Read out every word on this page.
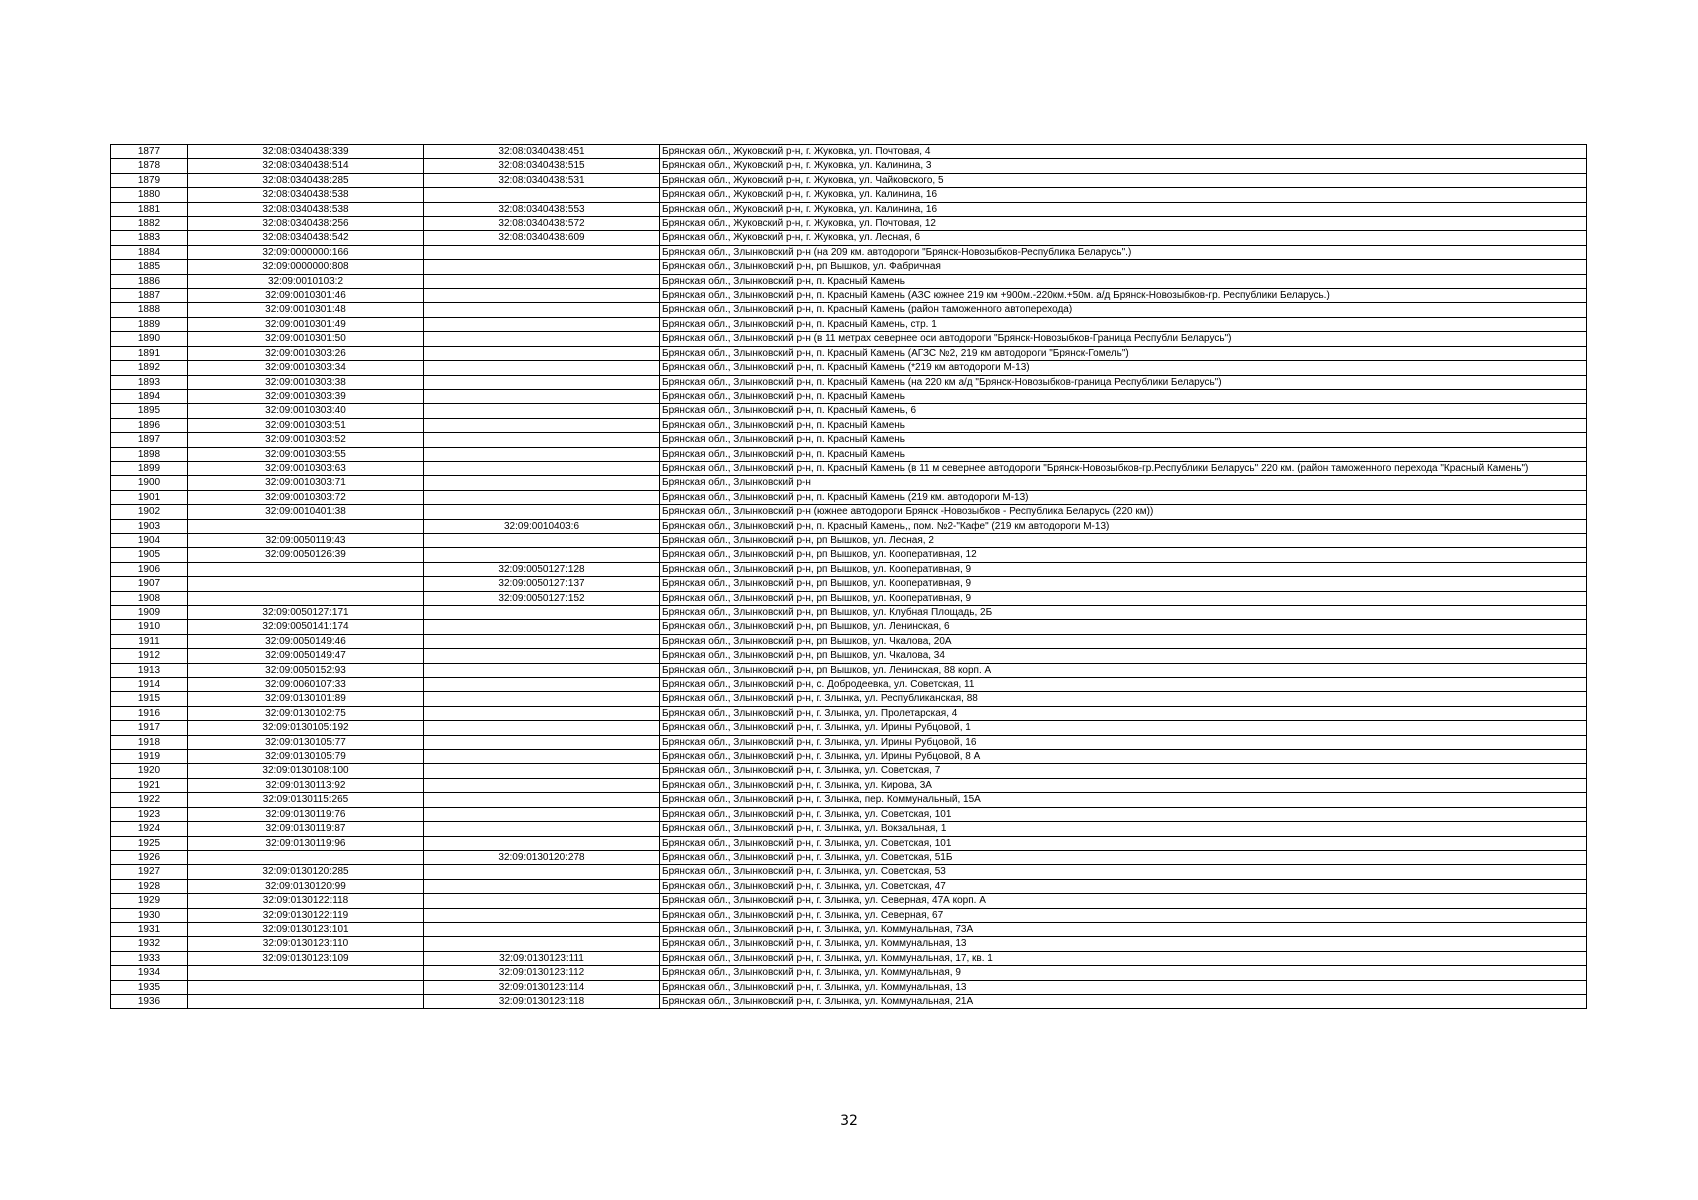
1877	32:08:0340438:339	32:08:0340438:451	Брянская обл., Жуковский р-н, г. Жуковка, ул. Почтовая, 4
1878	32:08:0340438:514	32:08:0340438:515	Брянская обл., Жуковский р-н, г. Жуковка, ул. Калинина, 3
1879	32:08:0340438:285	32:08:0340438:531	Брянская обл., Жуковский р-н, г. Жуковка, ул. Чайковского, 5
1880	32:08:0340438:538		Брянская обл., Жуковский р-н, г. Жуковка, ул. Калинина, 16
1881	32:08:0340438:538	32:08:0340438:553	Брянская обл., Жуковский р-н, г. Жуковка, ул. Калинина, 16
1882	32:08:0340438:256	32:08:0340438:572	Брянская обл., Жуковский р-н, г. Жуковка, ул. Почтовая, 12
1883	32:08:0340438:542	32:08:0340438:609	Брянская обл., Жуковский р-н, г. Жуковка, ул. Лесная, 6
1884	32:09:0000000:166		Брянская обл., Злынковский р-н (на 209 км. автодороги "Брянск-Новозыбков-Республика Беларусь".)
1885	32:09:0000000:808		Брянская обл., Злынковский р-н, рп Вышков, ул. Фабричная
1886	32:09:0010103:2		Брянская обл., Злынковский р-н, п. Красный Камень
1887	32:09:0010301:46		Брянская обл., Злынковский р-н, п. Красный Камень (АЗС южнее 219 км +900м.-220км.+50м. а/д Брянск-Новозыбков-гр. Республики Беларусь.)
1888	32:09:0010301:48		Брянская обл., Злынковский р-н, п. Красный Камень (район таможенного автоперехода)
1889	32:09:0010301:49		Брянская обл., Злынковский р-н, п. Красный Камень, стр. 1
1890	32:09:0010301:50		Брянская обл., Злынковский р-н (в 11 метрах севернее оси автодороги "Брянск-Новозыбков-Граница Республи Беларусь")
1891	32:09:0010303:26		Брянская обл., Злынковский р-н, п. Красный Камень (АГЗС №2, 219 км автодороги "Брянск-Гомель")
1892	32:09:0010303:34		Брянская обл., Злынковский р-н, п. Красный Камень (*219 км автодороги М-13)
1893	32:09:0010303:38		Брянская обл., Злынковский р-н, п. Красный Камень (на 220 км а/д "Брянск-Новозыбков-граница Республики Беларусь")
1894	32:09:0010303:39		Брянская обл., Злынковский р-н, п. Красный Камень
1895	32:09:0010303:40		Брянская обл., Злынковский р-н, п. Красный Камень, 6
1896	32:09:0010303:51		Брянская обл., Злынковский р-н, п. Красный Камень
1897	32:09:0010303:52		Брянская обл., Злынковский р-н, п. Красный Камень
1898	32:09:0010303:55		Брянская обл., Злынковский р-н, п. Красный Камень
1899	32:09:0010303:63		Брянская обл., Злынковский р-н, п. Красный Камень (в 11 м севернее автодороги "Брянск-Новозыбков-гр.Республики Беларусь" 220 км. (район таможенного перехода "Красный Камень")
1900	32:09:0010303:71		Брянская обл., Злынковский р-н
1901	32:09:0010303:72		Брянская обл., Злынковский р-н, п. Красный Камень (219 км. автодороги М-13)
1902	32:09:0010401:38		Брянская обл., Злынковский р-н (южнее автодороги Брянск -Новозыбков - Республика Беларусь (220 км))
1903		32:09:0010403:6	Брянская обл., Злынковский р-н, п. Красный Камень,, пом. №2-"Кафе" (219 км автодороги М-13)
1904	32:09:0050119:43		Брянская обл., Злынковский р-н, рп Вышков, ул. Лесная, 2
1905	32:09:0050126:39		Брянская обл., Злынковский р-н, рп Вышков, ул. Кооперативная, 12
1906		32:09:0050127:128	Брянская обл., Злынковский р-н, рп Вышков, ул. Кооперативная, 9
1907		32:09:0050127:137	Брянская обл., Злынковский р-н, рп Вышков, ул. Кооперативная, 9
1908		32:09:0050127:152	Брянская обл., Злынковский р-н, рп Вышков, ул. Кооперативная, 9
1909	32:09:0050127:171		Брянская обл., Злынковский р-н, рп Вышков, ул. Клубная Площадь, 2Б
1910	32:09:0050141:174		Брянская обл., Злынковский р-н, рп Вышков, ул. Ленинская, 6
1911	32:09:0050149:46		Брянская обл., Злынковский р-н, рп Вышков, ул. Чкалова, 20А
1912	32:09:0050149:47		Брянская обл., Злынковский р-н, рп Вышков, ул. Чкалова, 34
1913	32:09:0050152:93		Брянская обл., Злынковский р-н, рп Вышков, ул. Ленинская, 88 корп. А
1914	32:09:0060107:33		Брянская обл., Злынковский р-н, с. Добродеевка, ул. Советская, 11
1915	32:09:0130101:89		Брянская обл., Злынковский р-н, г. Злынка, ул. Республиканская, 88
1916	32:09:0130102:75		Брянская обл., Злынковский р-н, г. Злынка, ул. Пролетарская, 4
1917	32:09:0130105:192		Брянская обл., Злынковский р-н, г. Злынка, ул. Ирины Рубцовой, 1
1918	32:09:0130105:77		Брянская обл., Злынковский р-н, г. Злынка, ул. Ирины Рубцовой, 16
1919	32:09:0130105:79		Брянская обл., Злынковский р-н, г. Злынка, ул. Ирины Рубцовой, 8 А
1920	32:09:0130108:100		Брянская обл., Злынковский р-н, г. Злынка, ул. Советская, 7
1921	32:09:0130113:92		Брянская обл., Злынковский р-н, г. Злынка, ул. Кирова, 3А
1922	32:09:0130115:265		Брянская обл., Злынковский р-н, г. Злынка, пер. Коммунальный, 15А
1923	32:09:0130119:76		Брянская обл., Злынковский р-н, г. Злынка, ул. Советская, 101
1924	32:09:0130119:87		Брянская обл., Злынковский р-н, г. Злынка, ул. Вокзальная, 1
1925	32:09:0130119:96		Брянская обл., Злынковский р-н, г. Злынка, ул. Советская, 101
1926		32:09:0130120:278	Брянская обл., Злынковский р-н, г. Злынка, ул. Советская, 51Б
1927	32:09:0130120:285		Брянская обл., Злынковский р-н, г. Злынка, ул. Советская, 53
1928	32:09:0130120:99		Брянская обл., Злынковский р-н, г. Злынка, ул. Советская, 47
1929	32:09:0130122:118		Брянская обл., Злынковский р-н, г. Злынка, ул. Северная, 47А корп. А
1930	32:09:0130122:119		Брянская обл., Злынковский р-н, г. Злынка, ул. Северная, 67
1931	32:09:0130123:101		Брянская обл., Злынковский р-н, г. Злынка, ул. Коммунальная, 73А
1932	32:09:0130123:110		Брянская обл., Злынковский р-н, г. Злынка, ул. Коммунальная, 13
1933	32:09:0130123:109	32:09:0130123:111	Брянская обл., Злынковский р-н, г. Злынка, ул. Коммунальная, 17, кв. 1
1934		32:09:0130123:112	Брянская обл., Злынковский р-н, г. Злынка, ул. Коммунальная, 9
1935		32:09:0130123:114	Брянская обл., Злынковский р-н, г. Злынка, ул. Коммунальная, 13
1936		32:09:0130123:118	Брянская обл., Злынковский р-н, г. Злынка, ул. Коммунальная, 21А
32
